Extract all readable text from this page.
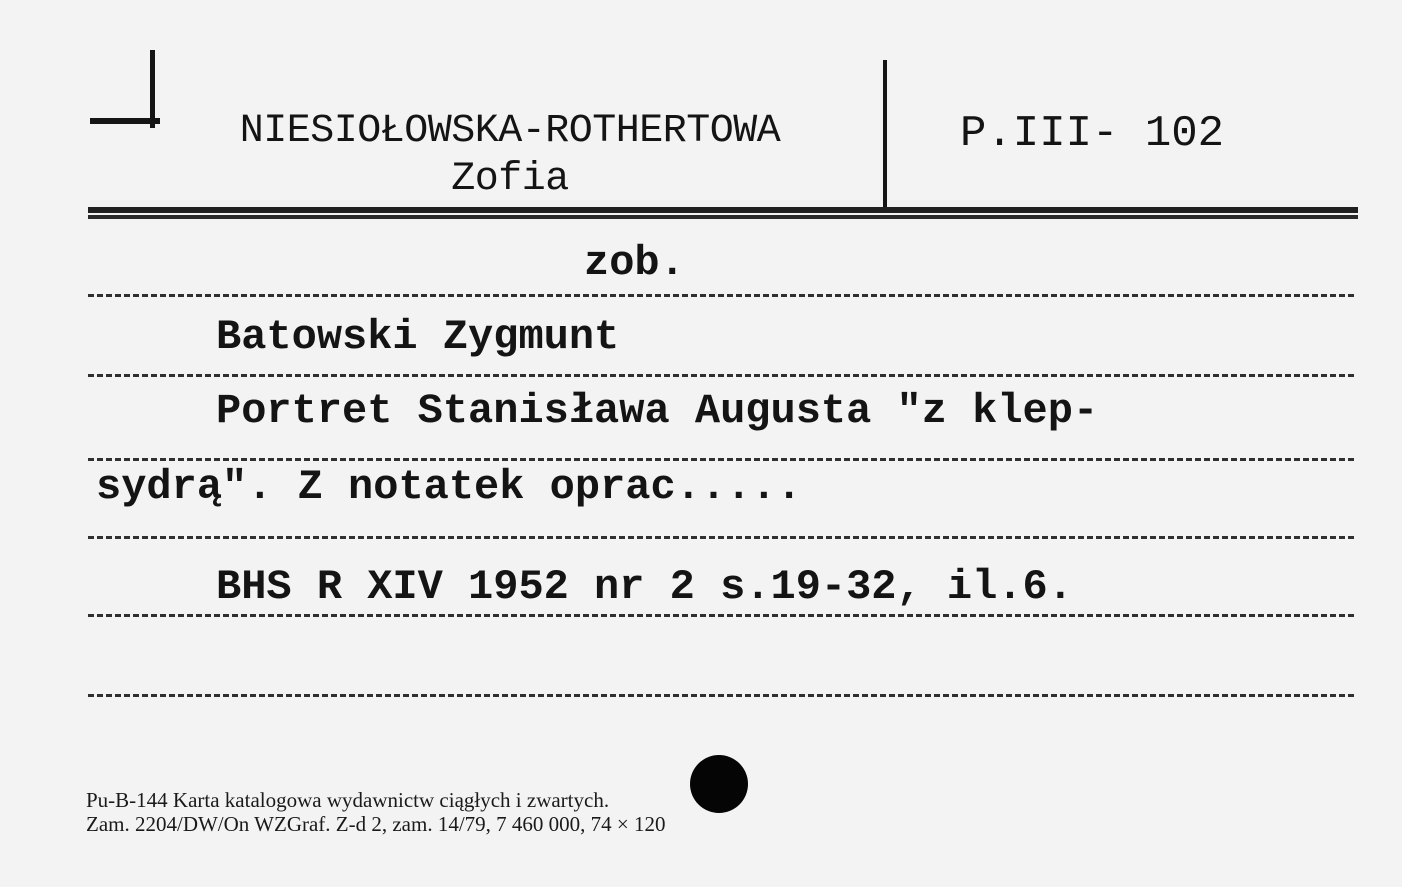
NIESIOŁOWSKA-ROTHERTOWA
Zofia
P.III- 102
zob.
Batowski Zygmunt
Portret Stanisława Augusta "z klep-
sydrą". Z notatek oprac.....
BHS R XIV 1952 nr 2 s.19-32, il.6.
Pu-B-144 Karta katalogowa wydawnictw ciągłych i zwartych.
Zam. 2204/DW/On WZGraf. Z-d 2, zam. 14/79, 7 460 000, 74 × 120
